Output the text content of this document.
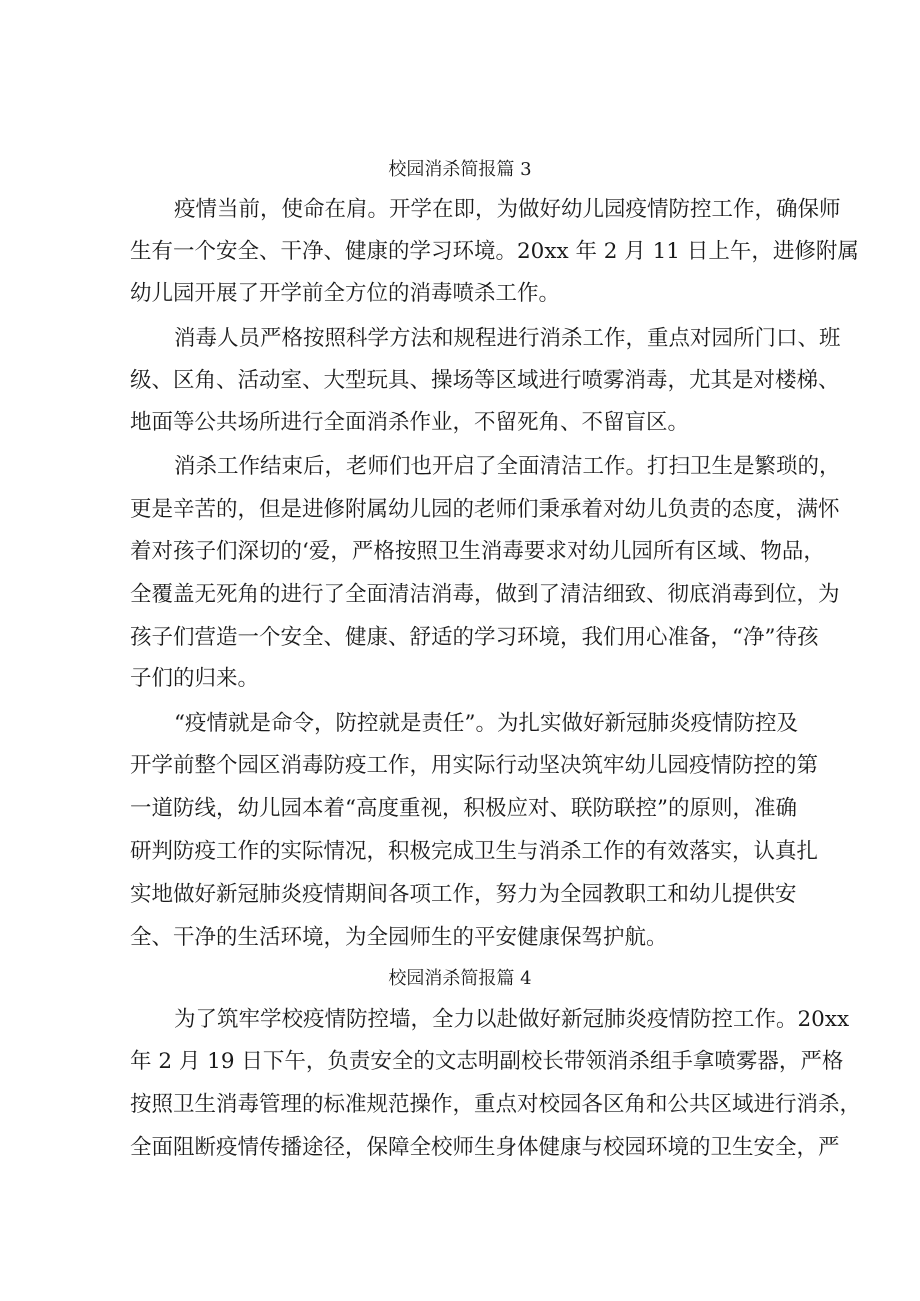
校园消杀简报篇 3
疫情当前，使命在肩。开学在即，为做好幼儿园疫情防控工作，确保师
生有一个安全、干净、健康的学习环境。20xx 年 2 月 11 日上午，进修附属
幼儿园开展了开学前全方位的消毒喷杀工作。
消毒人员严格按照科学方法和规程进行消杀工作，重点对园所门口、班
级、区角、活动室、大型玩具、操场等区域进行喷雾消毒，尤其是对楼梯、
地面等公共场所进行全面消杀作业，不留死角、不留盲区。
消杀工作结束后，老师们也开启了全面清洁工作。打扫卫生是繁琐的，
更是辛苦的，但是进修附属幼儿园的老师们秉承着对幼儿负责的态度，满怀
着对孩子们深切的‘爱，严格按照卫生消毒要求对幼儿园所有区域、物品，
全覆盖无死角的进行了全面清洁消毒，做到了清洁细致、彻底消毒到位，为
孩子们营造一个安全、健康、舒适的学习环境，我们用心准备，“净”待孩
子们的归来。
“疫情就是命令，防控就是责任”。为扎实做好新冠肺炎疫情防控及
开学前整个园区消毒防疫工作，用实际行动坚决筑牢幼儿园疫情防控的第
一道防线，幼儿园本着“高度重视，积极应对、联防联控”的原则，准确
研判防疫工作的实际情况，积极完成卫生与消杀工作的有效落实，认真扎
实地做好新冠肺炎疫情期间各项工作，努力为全园教职工和幼儿提供安
全、干净的生活环境，为全园师生的平安健康保驾护航。
校园消杀简报篇 4
为了筑牢学校疫情防控墙，全力以赴做好新冠肺炎疫情防控工作。20xx
年 2 月 19 日下午，负责安全的文志明副校长带领消杀组手拿喷雾器，严格
按照卫生消毒管理的标准规范操作，重点对校园各区角和公共区域进行消杀，
全面阻断疫情传播途径，保障全校师生身体健康与校园环境的卫生安全，严
